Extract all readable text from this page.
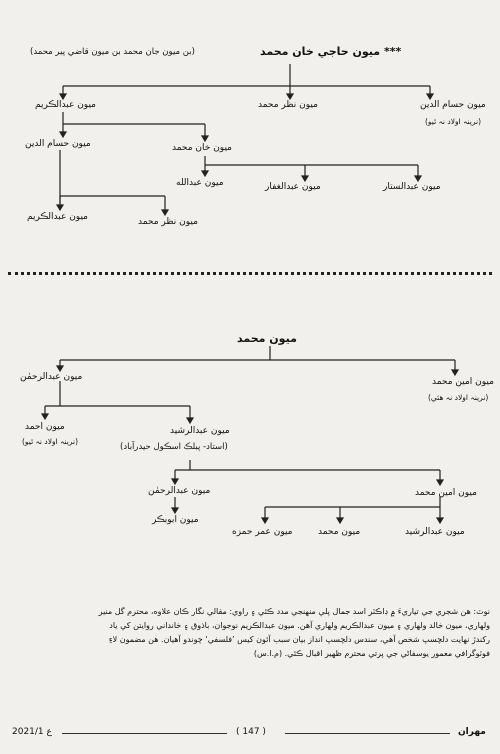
*** ميون حاجي خان محمد
(بن ميون جان محمد بن ميون قاضي پير محمد)
ميون عبدالڪريم	ميون نظر محمد	ميون حسام الدين
(نرينہ اولاد نہ ٿيو)
ميون حسام الدين	ميون خان محمد
ميون عبدالله	ميون عبدالغفار	ميون عبدالستار
ميون عبدالڪريم	ميون نظر محمد
ميون محمد
ميون عبدالرحمٰن	ميون امين محمد
(نرينہ اولاد نہ هئي)
ميون احمد
(نرينہ اولاد نہ ٿيو)
ميون عبدالرشيد
(استاد- پبلڪ اسڪول حيدرآباد)
ميون عبدالرحمٰن	ميون امين محمد
ميون ابوبڪر
ميون عمر حمزه	ميون محمد	ميون عبدالرشيد
نوٽ: هن شجري جي تياريءَ ۾ ڊاڪٽر اسد جمال پلي منهنجي مدد ڪئي ۽ راوي: مقالي نگار ڪان علاوه، محترم گل منير
ولهاري، ميون خالد ولهاري ۽ ميون عبدالڪريم ولهاري آهن. ميون عبدالڪريم نوجوان، باذوق ۽ خانداني روايتن کي ياد
رکندڙ نهايت دلچسپ شخص آهي، سندس دلچسپ انداز بيان سبب آئون کيس ’فلسفي‘ چوندو آهيان. هن مضمون لاءِ
فوٽوگرافي معمور يوسفاڻي جي پرتي محترم ظهير اقبال ڪئي. (م.ا.س)
2021/1 ع	( 147 )	مهران
